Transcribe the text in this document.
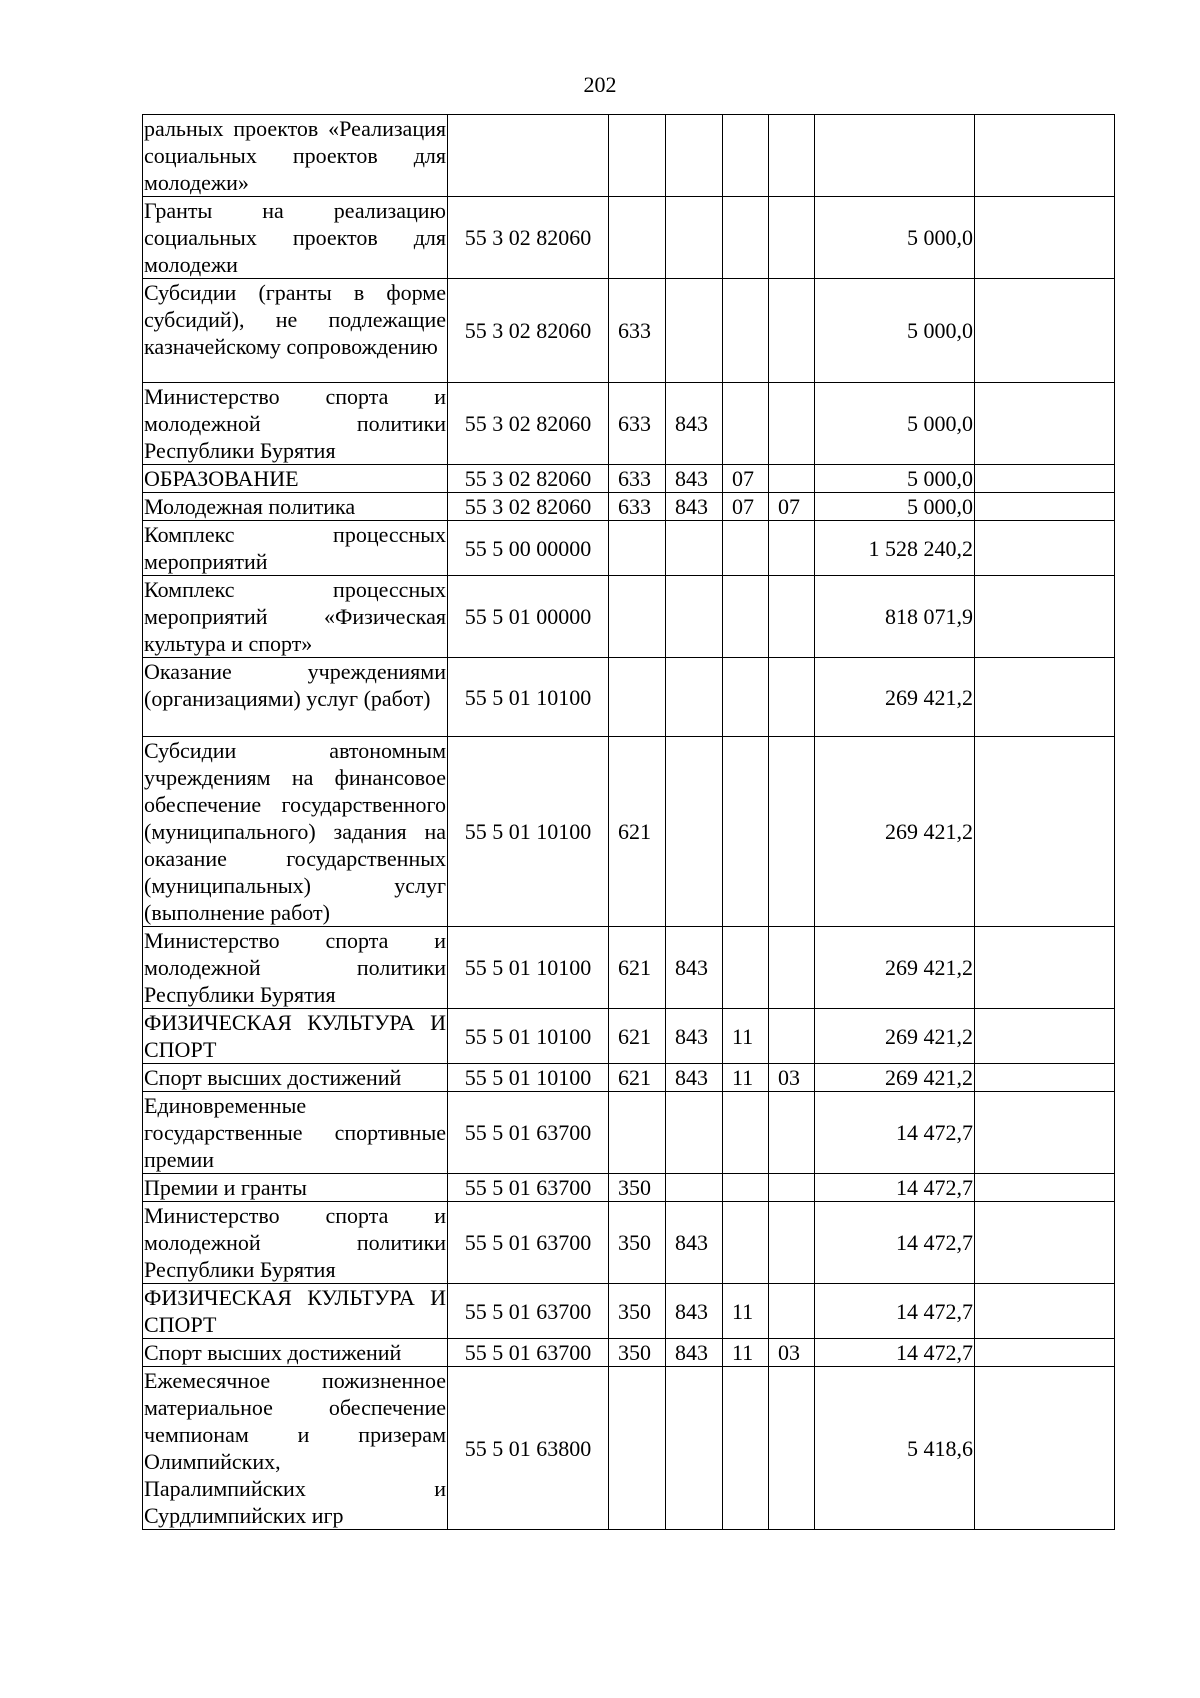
202
ральных проектов «Реализация социальных проектов для молодежи»							
Гранты на реализацию социальных проектов для молодежи	55 3 02 82060					5 000,0	
Субсидии (гранты в форме субсидий), не подлежащие казначейскому сопровождению	55 3 02 82060	633				5 000,0	
Министерство спорта и молодежной политики Республики Бурятия	55 3 02 82060	633	843			5 000,0	
ОБРАЗОВАНИЕ	55 3 02 82060	633	843	07		5 000,0	
Молодежная политика	55 3 02 82060	633	843	07	07	5 000,0	
Комплекс процессных мероприятий	55 5 00 00000					1 528 240,2	
Комплекс процессных мероприятий «Физическая культура и спорт»	55 5 01 00000					818 071,9	
Оказание учреждениями (организациями) услуг (работ)	55 5 01 10100					269 421,2	
Субсидии автономным учреждениям на финансовое обеспечение государственного (муниципального) задания на оказание государственных (муниципальных) услуг (выполнение работ)	55 5 01 10100	621				269 421,2	
Министерство спорта и молодежной политики Республики Бурятия	55 5 01 10100	621	843			269 421,2	
ФИЗИЧЕСКАЯ КУЛЬТУРА И СПОРТ	55 5 01 10100	621	843	11		269 421,2	
Спорт высших достижений	55 5 01 10100	621	843	11	03	269 421,2	
Единовременные государственные спортивные премии	55 5 01 63700					14 472,7	
Премии и гранты	55 5 01 63700	350				14 472,7	
Министерство спорта и молодежной политики Республики Бурятия	55 5 01 63700	350	843			14 472,7	
ФИЗИЧЕСКАЯ КУЛЬТУРА И СПОРТ	55 5 01 63700	350	843	11		14 472,7	
Спорт высших достижений	55 5 01 63700	350	843	11	03	14 472,7	
Ежемесячное пожизненное материальное обеспечение чемпионам и призерам Олимпийских, Паралимпийских и Сурдлимпийских игр	55 5 01 63800					5 418,6	
